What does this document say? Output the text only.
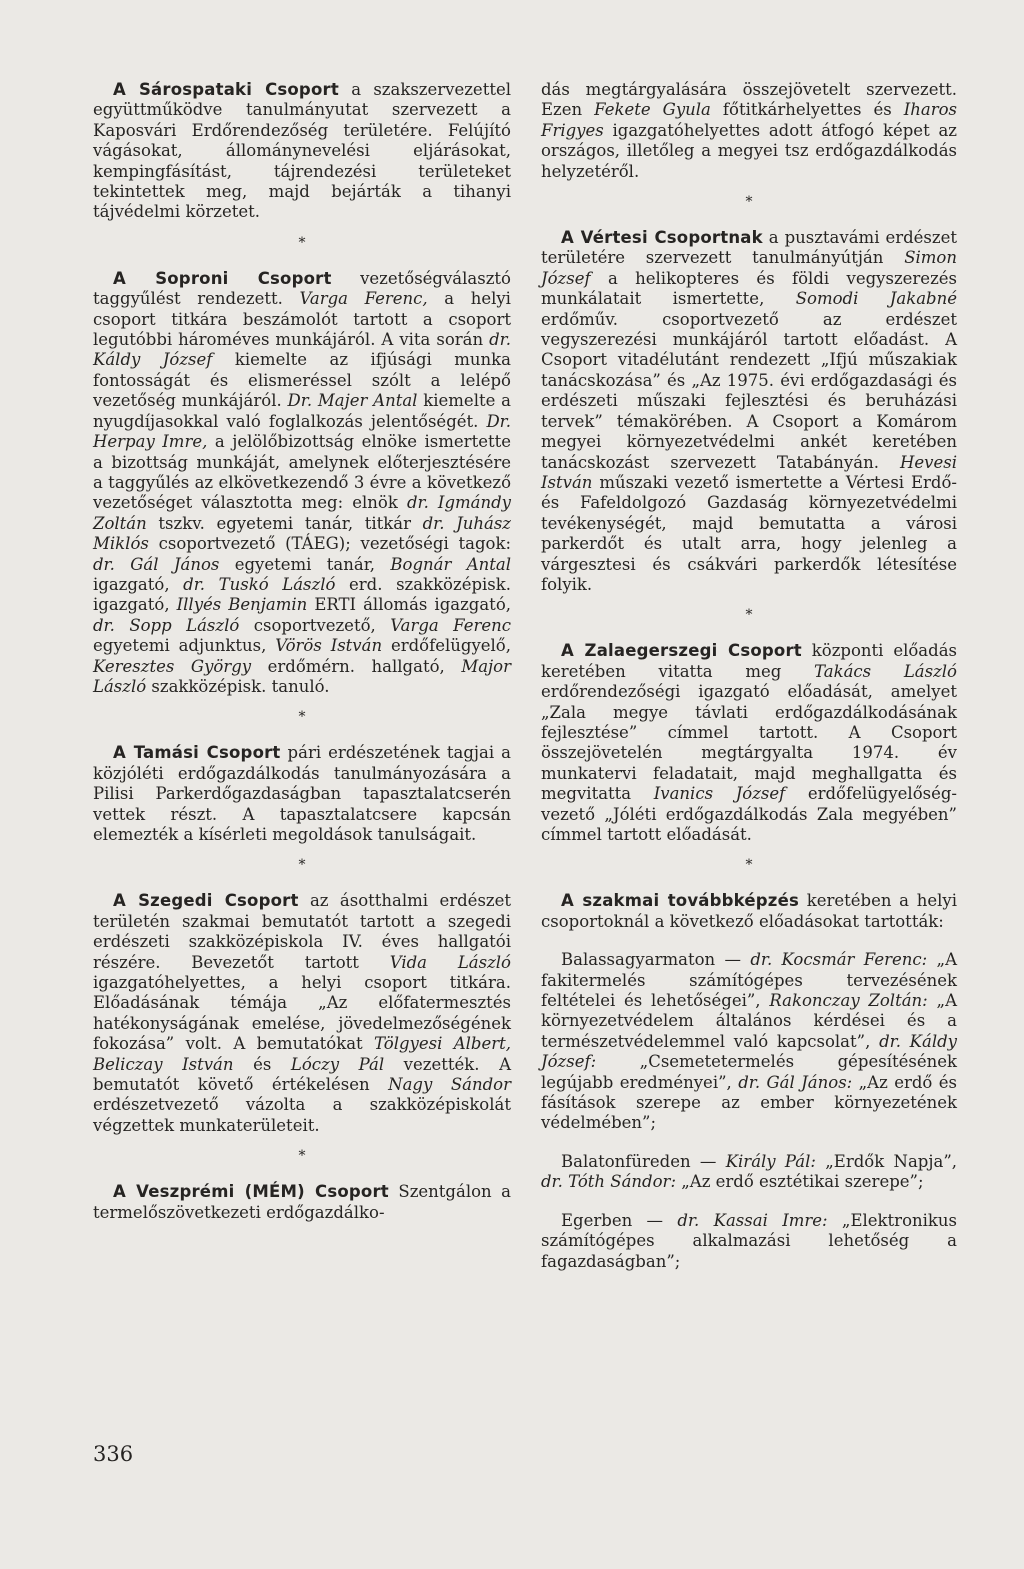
A Sárospataki Csoport a szakszervezettel együttműködve tanulmányutat szervezett a Kaposvári Erdőrendezőség területére. Felújító vágásokat, állománynevelési eljárásokat, kempingfásítást, tájrendezési területeket tekintettek meg, majd bejárták a tihanyi tájvédelmi körzetet.

*

A Soproni Csoport vezetőségválasztó taggyűlést rendezett. Varga Ferenc, a helyi csoport titkára beszámolót tartott a csoport legutóbbi hároméves munkájáról. A vita során dr. Káldy József kiemelte az ifjúsági munka fontosságát és elismeréssel szólt a lelépő vezetőség munkájáról. Dr. Majer Antal kiemelte a nyugdíjasokkal való foglalkozás jelentőségét. Dr. Herpay Imre, a jelölőbizottság elnöke ismertette a bizottság munkáját, amelynek előterjesztésére a taggyűlés az elkövetkezendő 3 évre a következő vezetőséget választotta meg: elnök dr. Igmándy Zoltán tszkv. egyetemi tanár, titkár dr. Juhász Miklós csoportvezető (TÁEG); vezetőségi tagok: dr. Gál János egyetemi tanár, Bognár Antal igazgató, dr. Tuskó László erd. szakközépisk. igazgató, Illyés Benjamin ERTI állomás igazgató, dr. Sopp László csoportvezető, Varga Ferenc egyetemi adjunktus, Vörös István erdőfelügyelő, Keresztes György erdőmérn. hallgató, Major László szakközépisk. tanuló.

*

A Tamási Csoport pári erdészetének tagjai a közjóléti erdőgazdálkodás tanulmányozására a Pilisi Parkerdőgazdaságban tapasztalatcserén vettek részt. A tapasztalatcsere kapcsán elemezték a kísérleti megoldások tanulságait.

*

A Szegedi Csoport az ásotthalmi erdészet területén szakmai bemutatót tartott a szegedi erdészeti szakközépiskola IV. éves hallgatói részére. Bevezetőt tartott Vida László igazgatóhelyettes, a helyi csoport titkára. Előadásának témája „Az előfatermesztés hatékonyságának emelése, jövedelmezőségének fokozása” volt. A bemutatókat Tölgyesi Albert, Beliczay István és Lóczy Pál vezették. A bemutatót követő értékelésen Nagy Sándor erdészetvezető vázolta a szakközépiskolát végzettek munkaterületeit.

*

A Veszprémi (MÉM) Csoport Szentgálon a termelőszövetkezeti erdőgazdálko-

dás megtárgyalására összejövetelt szervezett. Ezen Fekete Gyula főtitkárhelyettes és Iharos Frigyes igazgatóhelyettes adott átfogó képet az országos, illetőleg a megyei tsz erdőgazdálkodás helyzetéről.

*

A Vértesi Csoportnak a pusztavámi erdészet területére szervezett tanulmányútján Simon József a helikopteres és földi vegyszerezés munkálatait ismertette, Somodi Jakabné erdőműv. csoportvezető az erdészet vegyszerezési munkájáról tartott előadást. A Csoport vitadélutánt rendezett „Ifjú műszakiak tanácskozása” és „Az 1975. évi erdőgazdasági és erdészeti műszaki fejlesztési és beruházási tervek” témakörében. A Csoport a Komárom megyei környezetvédelmi ankét keretében tanácskozást szervezett Tatabányán. Hevesi István műszaki vezető ismertette a Vértesi Erdő- és Fafeldolgozó Gazdaság környezetvédelmi tevékenységét, majd bemutatta a városi parkerdőt és utalt arra, hogy jelenleg a várgesztesi és csákvári parkerdők létesítése folyik.

*

A Zalaegerszegi Csoport központi előadás keretében vitatta meg Takács László erdőrendezőségi igazgató előadását, amelyet „Zala megye távlati erdőgazdálkodásának fejlesztése” címmel tartott. A Csoport összejövetelén megtárgyalta 1974. év munkatervi feladatait, majd meghallgatta és megvitatta Ivanics József erdőfelügyelőség-vezető „Jóléti erdőgazdálkodás Zala megyében” címmel tartott előadását.

*

A szakmai továbbképzés keretében a helyi csoportoknál a következő előadásokat tartották:

Balassagyarmaton — dr. Kocsmár Ferenc: „A fakitermelés számítógépes tervezésének feltételei és lehetőségei”, Rakonczay Zoltán: „A környezetvédelem általános kérdései és a természetvédelemmel való kapcsolat”, dr. Káldy József: „Csemetetermelés gépesítésének legújabb eredményei”, dr. Gál János: „Az erdő és fásítások szerepe az ember környezetének védelmében”;

Balatonfüreden — Király Pál: „Erdők Napja”, dr. Tóth Sándor: „Az erdő esztétikai szerepe”;

Egerben — dr. Kassai Imre: „Elektronikus számítógépes alkalmazási lehetőség a fagazdaságban”;

336
